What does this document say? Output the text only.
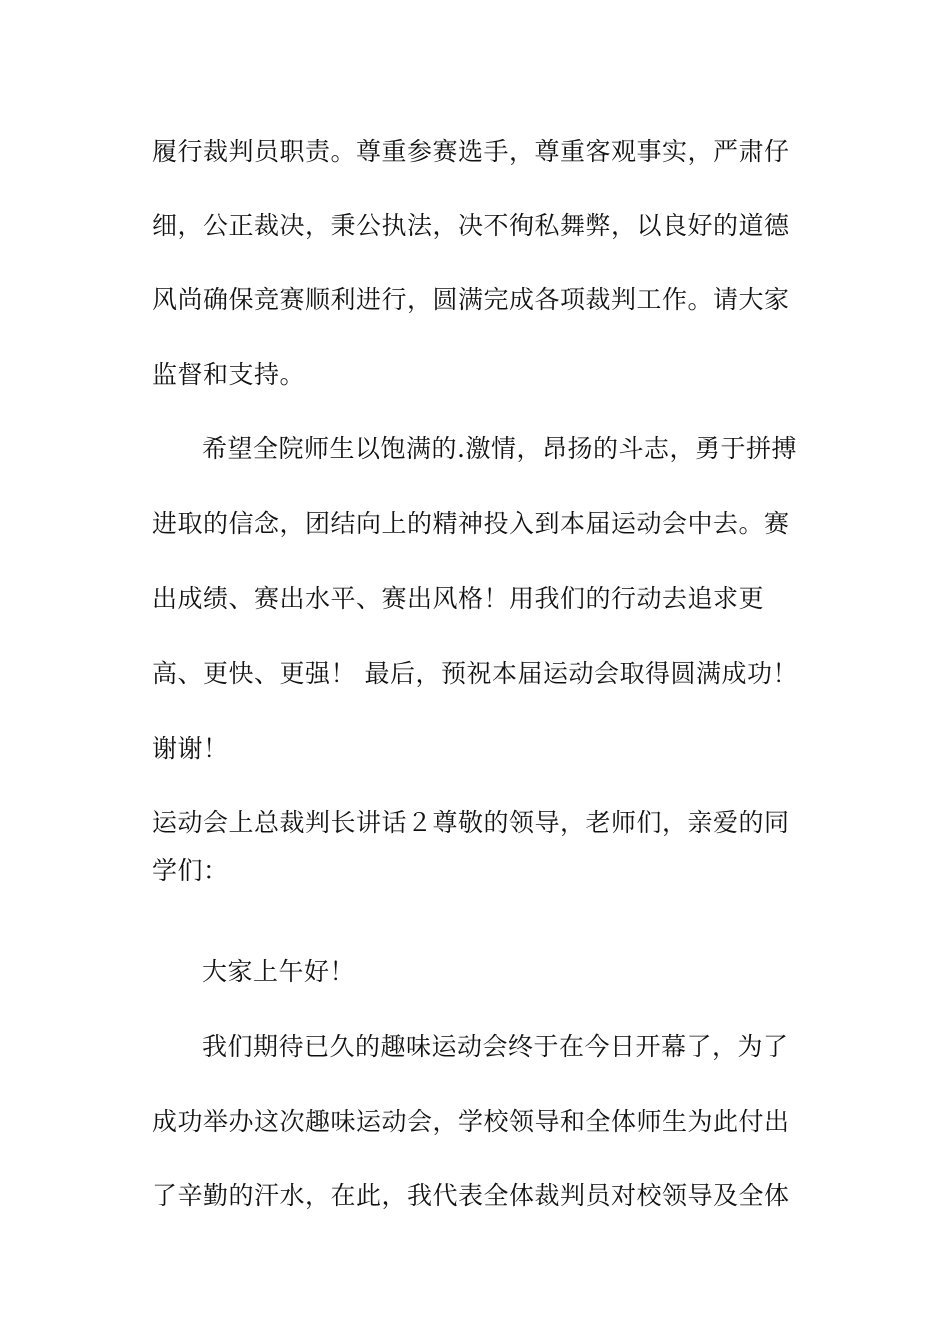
履行裁判员职责。尊重参赛选手，尊重客观事实，严肃仔
细，公正裁决，秉公执法，决不徇私舞弊，以良好的道德
风尚确保竞赛顺利进行，圆满完成各项裁判工作。请大家
监督和支持。
希望全院师生以饱满的.激情，昂扬的斗志，勇于拼搏
进取的信念，团结向上的精神投入到本届运动会中去。赛
出成绩、赛出水平、赛出风格！用我们的行动去追求更
高、更快、更强！ 最后，预祝本届运动会取得圆满成功！
谢谢！
运动会上总裁判长讲话２尊敬的领导，老师们，亲爱的同
学们：
大家上午好！
我们期待已久的趣味运动会终于在今日开幕了，为了
成功举办这次趣味运动会，学校领导和全体师生为此付出
了辛勤的汗水，在此，我代表全体裁判员对校领导及全体
